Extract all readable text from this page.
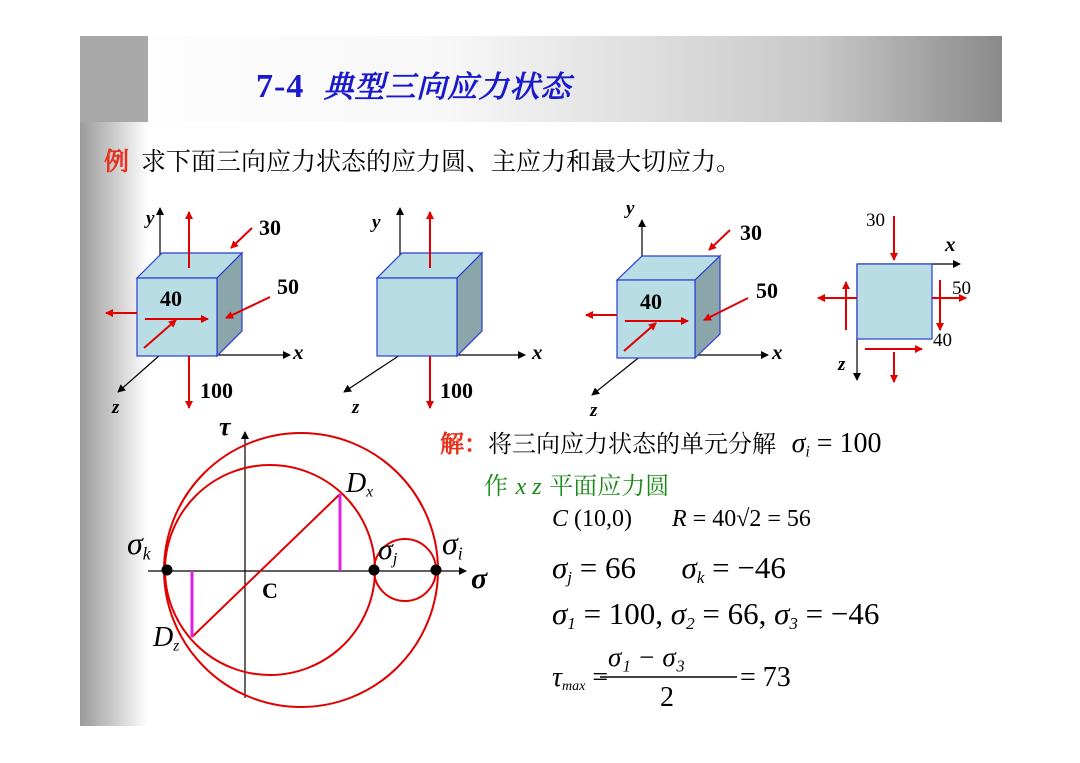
7-4 典型三向应力状态
例 求下面三向应力状态的应力圆、主应力和最大切应力。
y
x
z
30
50
40
100
y
x
z
100
y
x
z
30
50
40
x
z
30
50
40
τ
σ
C
$D_x$
$D_z$
$\sigma_k$	$\sigma_j$ $\sigma_i$
解：将三向应力状态的单元分解 $\sigma_i = 100$
作 x z 平面应力圆
C (10,0) R = 40√2 = 56
$\sigma_j = 66$ $\sigma_k = -46$
$\sigma_1 = 100$, $\sigma_2 = 66$, $\sigma_3 = -46$
$\tau_{max}$ =
σ₁ − σ₃
2
= 73
